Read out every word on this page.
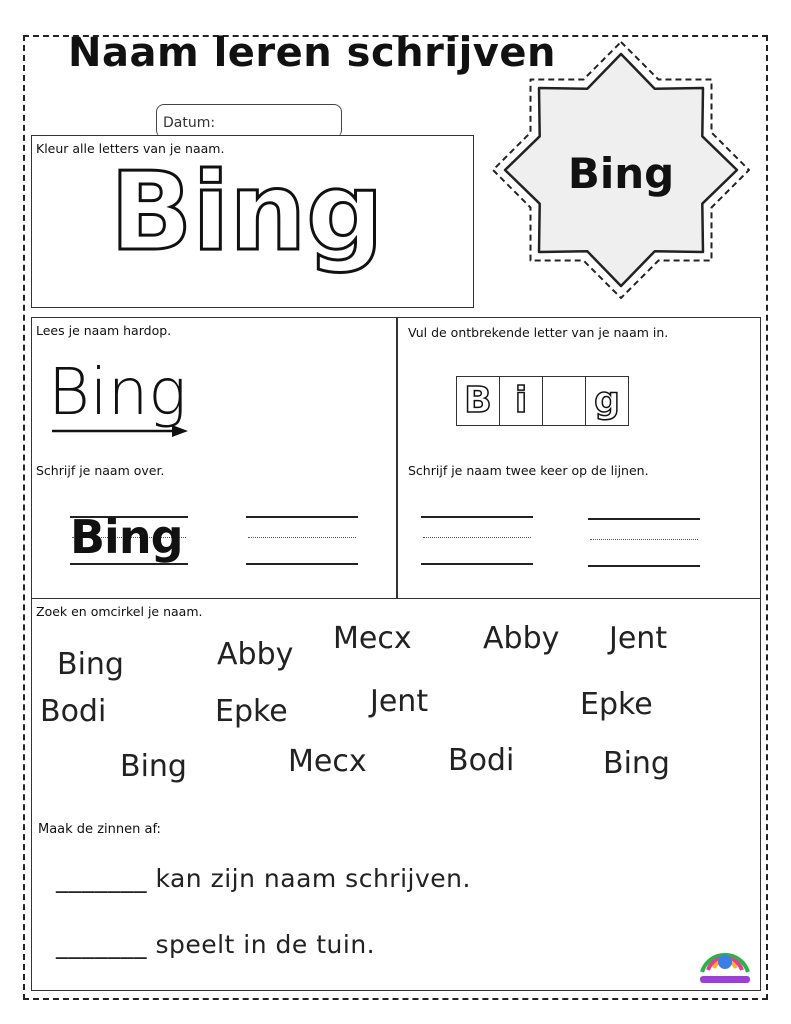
Naam leren schrijven
Datum:
Kleur alle letters van je naam.
Bing	Bing
Lees je naam hardop.
Bing
Vul de ontbrekende letter van je naam in.
B i	g
Schrijf je naam over.
Bing
Schrijf je naam twee keer op de lijnen.
Zoek en omcirkel je naam.
Bing	Abby Mecx Abby Jent
Bodi	Epke	Jent	Epke
Bing	Mecx	Bodi	Bing
Maak de zinnen af:
_______ kan zijn naam schrijven.
_______ speelt in de tuin.
